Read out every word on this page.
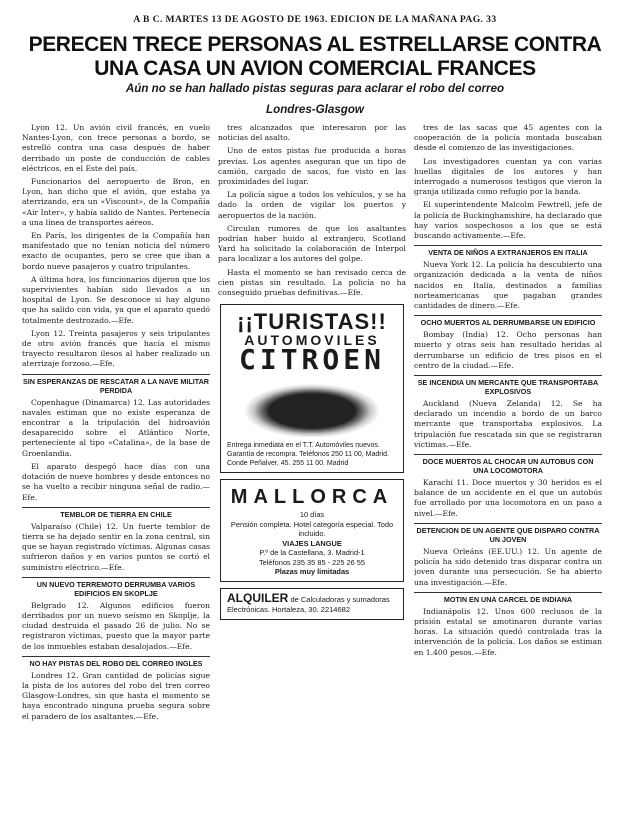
A B C. MARTES 13 DE AGOSTO DE 1963. EDICION DE LA MAÑANA PAG. 33
PERECEN TRECE PERSONAS AL ESTRELLARSE CONTRA
UNA CASA UN AVION COMERCIAL FRANCES
Aún no se han hallado pistas seguras para aclarar el robo del correo
Londres-Glasgow

Lyon 12. Un avión civil francés, en vuelo Nantes-Lyon, con trece personas a bordo, se estrelló contra una casa después de haber derribado un poste de conducción de cables eléctricos, en el Este del país.

Funcionarios del aeropuerto de Bron, en Lyon, han dicho que el avión, que estaba ya aterrizando, era un «Viscount», de la Compañía «Air Inter», y había salido de Nantes. Pertenecía a una línea de transportes aéreos.

En París, los dirigentes de la Compañía han manifestado que no tenían noticia del número exacto de ocupantes, pero se cree que iban a bordo nueve pasajeros y cuatro tripulantes.

A última hora, los funcionarios dijeron que los supervivientes habían sido llevados a un hospital de Lyon. Se desconoce si hay alguno que ha salido con vida, ya que el aparato quedó totalmente destrozado.—Efe.

Lyon 12. Treinta pasajeros y seis tripulantes de otro avión francés que hacía el mismo trayecto resultaron ilesos al haber realizado un aterrizaje forzoso.—Efe.

SIN ESPERANZAS DE RESCATAR A LA NAVE MILITAR PERDIDA

Copenhague (Dinamarca) 12. Las autoridades navales estiman que no existe esperanza de encontrar a la tripulación del hidroavión desaparecido sobre el Atlántico Norte, perteneciente al tipo «Catalina», de la base de Groenlandia.

El aparato despegó hace días con una dotación de nueve hombres y desde entonces no se ha vuelto a recibir ninguna señal de radio.—Efe.

TEMBLOR DE TIERRA EN CHILE

Valparaíso (Chile) 12. Un fuerte temblor de tierra se ha dejado sentir en la zona central, sin que se hayan registrado víctimas. Algunas casas sufrieron daños y en varios puntos se cortó el suministro eléctrico.—Efe.

UN NUEVO TERREMOTO DERRUMBA VARIOS EDIFICIOS EN SKOPLJE

Belgrado 12. Algunos edificios fueron derribados por un nuevo seísmo en Skoplje, la ciudad destruida el pasado 26 de julio. No se registraron víctimas, puesto que la mayor parte de los inmuebles estaban desalojados.—Efe.

NO HAY PISTAS DEL ROBO DEL CORREO INGLES

Londres 12. Gran cantidad de policías sigue la pista de los autores del robo del tren correo Glasgow-Londres, sin que hasta el momento se haya encontrado ninguna prueba segura sobre el paradero de los asaltantes.—Efe.

tres alcanzados que interesaron por las noticias del asalto.

Uno de estos pistas fue producida a horas previas. Los agentes aseguran que un tipo de camión, cargado de sacos, fue visto en las proximidades del lugar.

La policía sigue a todos los vehículos, y se ha dado la orden de vigilar los puertos y aeropuertos de la nación.

Circulan rumores de que los asaltantes podrían haber huido al extranjero. Scotland Yard ha solicitado la colaboración de Interpol para localizar a los autores del golpe.

Hasta el momento se han revisado cerca de cien pistas sin resultado. La policía no ha conseguido pruebas definitivas.—Efe.

¡¡TURISTAS!!
AUTOMOVILES
CITROEN
Entrega inmediata en el T.T. Automóviles nuevos. Garantía de recompra. Teléfonos 250 11 00, Madrid.
Conde Peñalver, 45. 255 11 00. Madrid
MALLORCA
10 días
Pensión completa. Hotel categoría especial. Todo incluido.
VIAJES LANGUE
P.º de la Castellana, 3. Madrid-1
Teléfonos 235 35 85 - 225 26 55
Plazas muy limitadas
ALQUILER de Calculadoras y sumadoras Electrónicas. Hortaleza, 30. 2214682

tres de las sacas que 45 agentes con la cooperación de la policía montada buscaban desde el comienzo de las investigaciones.

Los investigadores cuentan ya con varias huellas digitales de los autores y han interrogado a numerosos testigos que vieron la granja utilizada como refugio por la banda.

El superintendente Malcolm Fewtrell, jefe de la policía de Buckinghamshire, ha declarado que hay varios sospechosos a los que se está buscando activamente.—Efe.

VENTA DE NIÑOS A EXTRANJEROS EN ITALIA

Nueva York 12. La policía ha descubierto una organización dedicada a la venta de niños nacidos en Italia, destinados a familias norteamericanas que pagaban grandes cantidades de dinero.—Efe.

OCHO MUERTOS AL DERRUMBARSE UN EDIFICIO

Bombay (India) 12. Ocho personas han muerto y otras seis han resultado heridas al derrumbarse un edificio de tres pisos en el centro de la ciudad.—Efe.

SE INCENDIA UN MERCANTE QUE TRANSPORTABA EXPLOSIVOS

Auckland (Nueva Zelanda) 12. Se ha declarado un incendio a bordo de un barco mercante que transportaba explosivos. La tripulación fue rescatada sin que se registraran víctimas.—Efe.

DOCE MUERTOS AL CHOCAR UN AUTOBUS CON UNA LOCOMOTORA

Karachi 11. Doce muertos y 30 heridos es el balance de un accidente en el que un autobús fue arrollado por una locomotora en un paso a nivel.—Efe.

DETENCION DE UN AGENTE QUE DISPARO CONTRA UN JOVEN

Nueva Orleáns (EE.UU.) 12. Un agente de policía ha sido detenido tras disparar contra un joven durante una persecución. Se ha abierto una investigación.—Efe.

MOTIN EN UNA CARCEL DE INDIANA

Indianápolis 12. Unos 600 reclusos de la prisión estatal se amotinaron durante varias horas. La situación quedó controlada tras la intervención de la policía. Los daños se estiman en 1.400 pesos.—Efe.
